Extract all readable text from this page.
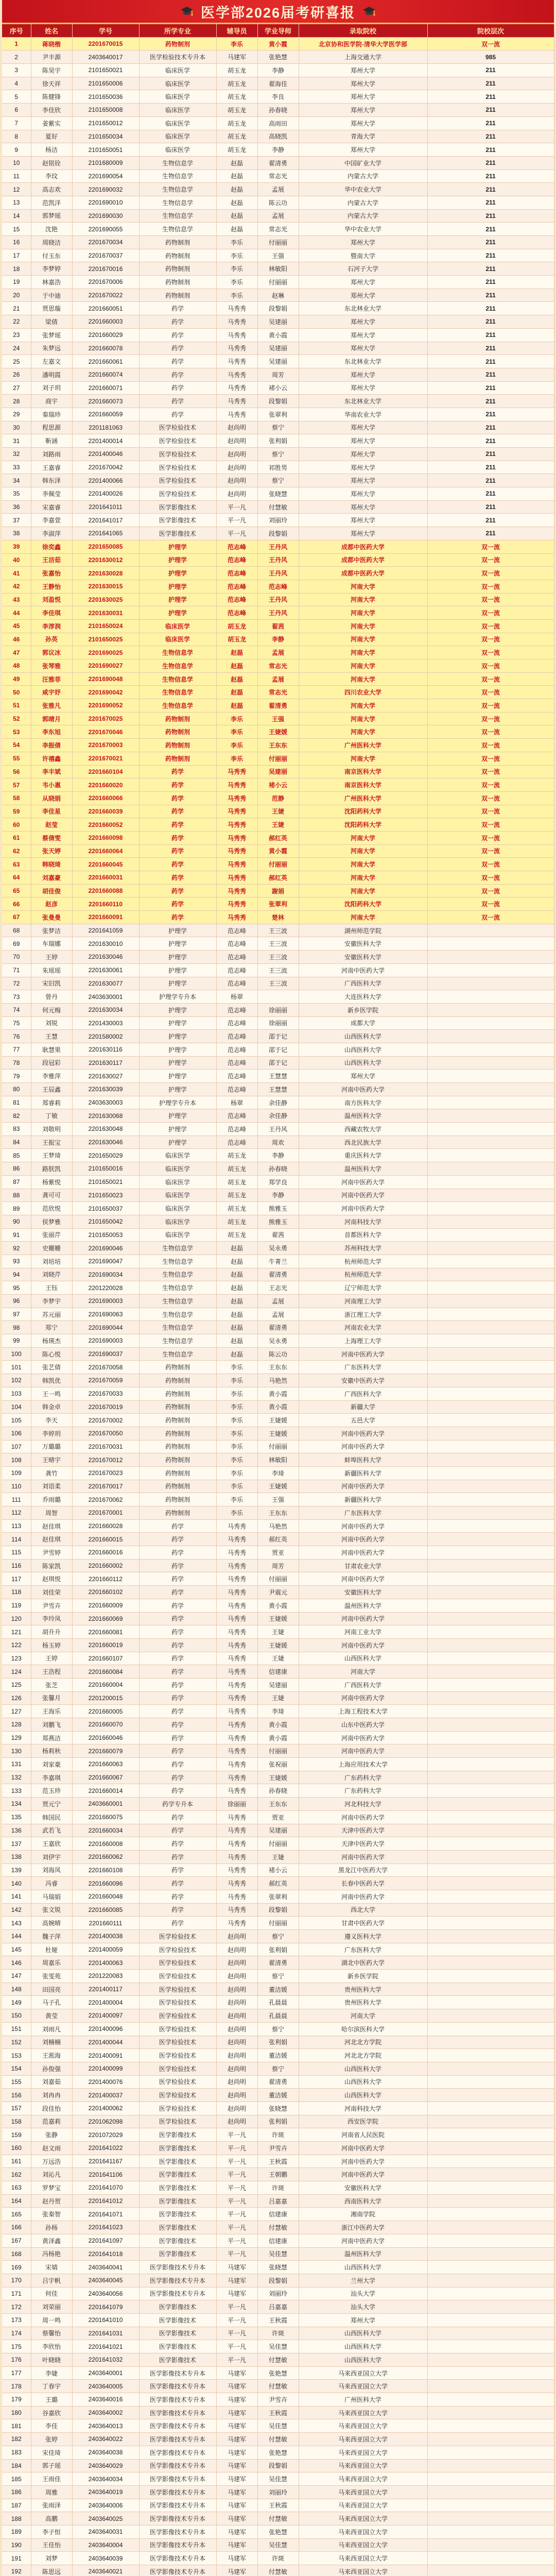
医学部2026届考研喜报
序号	姓名	学号	所学专业	辅导员	学业导师	录取院校	院校层次
1	蒋晓楷	2201670015	药物制剂	李乐	黄小霞	北京协和医学院-清华大学医学部	双一流
2	尹丰源	2403640017	医学检验技术专升本	马建军	张艳慧	上海交通大学	985
3	陈昊宇	2101650021	临床医学	胡玉龙	李静	郑州大学	211
4	徐天祥	2101650006	临床医学	胡玉龙	翟海佳	郑州大学	211
5	陈健锋	2101650036	临床医学	胡玉龙	李良	郑州大学	211
6	李佳欣	2101650008	临床医学	胡玉龙	孙春晓	郑州大学	211
7	姜紫实	2101650012	临床医学	胡玉龙	高雨田	郑州大学	211
8	夏好	2101650034	临床医学	胡玉龙	高晓凯	青海大学	211
9	杨洁	2101650051	临床医学	胡玉龙	李静	郑州大学	211
10	赵铭铨	2101680009	生物信息学	赵磊	翟清勇	中国矿业大学	211
11	李玟	2201690054	生物信息学	赵磊	常志光	内蒙古大学	211
12	高志欢	2201690032	生物信息学	赵磊	孟展	华中农业大学	211
13	范凯洋	2201690010	生物信息学	赵磊	陈云功	内蒙古大学	211
14	郭梦瑶	2201690030	生物信息学	赵磊	孟展	内蒙古大学	211
15	沈艳	2201690055	生物信息学	赵磊	常志光	华中农业大学	211
16	周晓洁	2201670034	药物制剂	李乐	付丽丽	郑州大学	211
17	付玉东	2201670037	药物制剂	李乐	王强	暨南大学	211
18	李梦婷	2201670016	药物制剂	李乐	林敏阳	石河子大学	211
19	林嘉浩	2201670006	药物制剂	李乐	付丽丽	郑州大学	211
20	于中迪	2201670022	药物制剂	李乐	赵琳	郑州大学	211
21	贾思璇	2201660051	药学	马秀秀	段黎娟	东北林业大学	211
22	梁倩	2201660003	药学	马秀秀	吴建丽	郑州大学	211
23	张梦瑶	2201660029	药学	马秀秀	黄小霞	郑州大学	211
24	朱梦远	2201660078	药学	马秀秀	吴建丽	郑州大学	211
25	左嘉文	2201660061	药学	马秀秀	吴建丽	东北林业大学	211
26	潘明霞	2201660074	药学	马秀秀	周芳	郑州大学	211
27	刘子玥	2201660071	药学	马秀秀	褚小云	郑州大学	211
28	商宇	2201660073	药学	马秀秀	段黎娟	东北林业大学	211
29	秦瑞珍	2201660059	药学	马秀秀	张翠利	华南农业大学	211
30	程思源	2201181063	医学检验技术	赵尚明	蔡宁	郑州大学	211
31	靳涵	2201400014	医学检验技术	赵尚明	张利娟	郑州大学	211
32	刘路雨	2201400046	医学检验技术	赵尚明	蔡宁	郑州大学	211
33	王嘉睿	2201670042	医学检验技术	赵尚明	祁胜男	郑州大学	211
34	韩东泽	2201400066	医学检验技术	赵尚明	蔡宁	郑州大学	211
35	李佩莹	2201400026	医学检验技术	赵尚明	张晓慧	郑州大学	211
36	宋嘉睿	2201641011	医学影像技术	平一凡	付慧敏	郑州大学	211
37	李嘉萱	2201641017	医学影像技术	平一凡	刘丽玲	郑州大学	211
38	李淑萍	2201641065	医学影像技术	平一凡	段黎娟	郑州大学	211
39	徐奕鑫	2201650085	护理学	范志峰	王丹风	成都中医药大学	双一流
40	王洁茹	2201630012	护理学	范志峰	王丹风	成都中医药大学	双一流
41	张嘉怡	2201630028	护理学	范志峰	王丹风	成都中医药大学	双一流
42	王静怡	2201630015	护理学	范志峰	范志峰	河南大学	双一流
43	刘盈悦	2201630025	护理学	范志峰	王丹风	河南大学	双一流
44	李佳琪	2201630031	护理学	范志峰	王丹风	河南大学	双一流
45	李淳润	2101650024	临床医学	胡玉龙	翟茜	河南大学	双一流
46	孙英	2101650025	临床医学	胡玉龙	李静	河南大学	双一流
47	郭议冰	2201690025	生物信息学	赵磊	孟展	河南大学	双一流
48	张琴雅	2201690027	生物信息学	赵磊	常志光	河南大学	双一流
49	汪雅菲	2201690048	生物信息学	赵磊	孟展	河南大学	双一流
50	咸宇妤	2201690042	生物信息学	赵磊	常志光	四川农业大学	双一流
51	张雅凡	2201690052	生物信息学	赵磊	翟清勇	河南大学	双一流
52	郭晴月	2201670025	药物制剂	李乐	王强	河南大学	双一流
53	李东旭	2201670046	药物制剂	李乐	王婕媛	河南大学	双一流
54	李振倩	2201670003	药物制剂	李乐	王东东	广州医科大学	双一流
55	许禧鑫	2201670021	药物制剂	李乐	付丽丽	河南大学	双一流
56	李丰斌	2201660104	药学	马秀秀	吴建丽	南京医科大学	双一流
57	韦小惠	2201660020	药学	马秀秀	褚小云	南京医科大学	双一流
58	从晓娟	2201660066	药学	马秀秀	范静	广州医科大学	双一流
59	李佳星	2201660039	药学	马秀秀	王婕	沈阳药科大学	双一流
60	赵莹	2201660052	药学	马秀秀	王婕	沈阳药科大学	双一流
61	蔡倩雯	2201660098	药学	马秀秀	郝红英	河南大学	双一流
62	张天婷	2201660064	药学	马秀秀	黄小霞	河南大学	双一流
63	韩晓琦	2201660045	药学	马秀秀	付丽丽	河南大学	双一流
64	刘嘉豪	2201660031	药学	马秀秀	郝红英	河南大学	双一流
65	胡佳俊	2201660088	药学	马秀秀	謝娟	河南大学	双一流
66	赵彦	2201660110	药学	马秀秀	张翠利	沈阳药科大学	双一流
67	张曼曼	2201660091	药学	马秀秀	楚林	河南大学	双一流
68	张梦洁	2201641059	护理学	范志峰	王三波	湖州师范学院	
69	车瑞娜	2201630010	护理学	范志峰	王三波	安徽医科大学	
70	王婷	2201630046	护理学	范志峰	王三波	安徽医科大学	
71	朱瑶瑶	2201630061	护理学	范志峰	王三波	河南中医药大学	
72	宋旧凯	2201630077	护理学	范志峰	王三波	广西医科大学	
73	曾丹	2403630001	护理学专升本	杨翠		大连医科大学	
74	何元梅	2201630034	护理学	范志峰	徐丽丽	新乡医学院	
75	刘锐	2201430003	护理学	范志峰	徐丽丽	成都大学	
76	王慧	2201580002	护理学	范志峰	邵于记	山西医科大学	
77	耿慧果	2201630116	护理学	范志峰	邵于记	山西医科大学	
78	段冠彩	2201630117	护理学	范志峰	邵于记	山西医科大学	
79	李雅萍	2201630027	护理学	范志峰	王慧慧	郑州大学	
80	王辰鑫	2201630039	护理学	范志峰	王慧慧	河南中医药大学	
81	郑睿莉	2403630003	护理学专升本	杨翠	余佳静	南方医科大学	
82	丁敏	2201630068	护理学	范志峰	余佳静	温州医科大学	
83	刘敬明	2201630048	护理学	范志峰	王丹风	西藏农牧大学	
84	王振宝	2201630046	护理学	范志峰	周欢	西北民族大学	
85	王梦琦	2201650029	临床医学	胡玉龙	李静	重庆医科大学	
86	路朕凯	2101650016	临床医学	胡玉龙	孙春晓	温州医科大学	
87	杨紫悦	2101650021	临床医学	胡玉龙	郑学良	河南中医药大学	
88	龚可可	2101650023	临床医学	胡玉龙	李静	河南中医药大学	
89	范欣悦	2101650037	临床医学	胡玉龙	熊雅玉	河南中医药大学	
90	侯梦雅	2101650042	临床医学	胡玉龙	熊雅玉	河南科技大学	
91	张丽芹	2101650053	临床医学	胡玉龙	翟茜	首都医科大学	
92	史姗姗	2201690046	生物信息学	赵磊	吴永勇	苏州科技大学	
93	刘培培	2201690047	生物信息学	赵磊	牛菁兰	杭州师范大学	
94	刘晓芹	2201690034	生物信息学	赵磊	翟清勇	杭州师范大学	
95	王钰	2201220028	生物信息学	赵磊	王志光	辽宁师范大学	
96	李梦宇	2201690003	生物信息学	赵磊	孟展	河南理工大学	
97	苏元丽	2201690063	生物信息学	赵磊	孟展	浙江理工大学	
98	郑宁	2201690044	生物信息学	赵磊	翟清勇	河南农业大学	
99	杨瑛杰	2201690003	生物信息学	赵磊	吴永勇	上海理工大学	
100	陈心悦	2201690037	生物信息学	赵磊	陈云功	河南中医药大学	
101	张艺倩	2201670058	药物制剂	李乐	王东东	广东医科大学	
102	韩凯优	2201670059	药物制剂	李乐	马艳然	安徽中医药大学	
103	王一鸣	2201670033	药物制剂	李乐	黄小霞	广西医科大学	
104	韩金卓	2201670019	药物制剂	李乐	黄小霞	新疆大学	
105	李天	2201670002	药物制剂	李乐	王婕媛	五邑大学	
106	李婷玥	2201670050	药物制剂	李乐	王婕媛	河南中医药大学	
107	万璐璐	2201670031	药物制剂	李乐	付丽丽	河南中医药大学	
108	王晴宇	2201670012	药物制剂	李乐	林敏阳	蚌埠医科大学	
109	龚竹	2201670023	药物制剂	李乐	李琦	新疆医科大学	
110	刘语柔	2201670017	药物制剂	李乐	王婕媛	河南中医药大学	
111	乔雨璐	2201670062	药物制剂	李乐	王强	新疆医科大学	
112	周智	2201670001	药物制剂	李乐	王东东	广东医科大学	
113	赵佳琪	2201660028	药学	马秀秀	马艳然	河南中医药大学	
114	赵佳琪	2201660015	药学	马秀秀	郝红英	河南中医药大学	
115	尹雪婷	2201660016	药学	马秀秀	贾亚	河南中医药大学	
116	陈家凯	2201660002	药学	马秀秀	周芳	甘肃农业大学	
117	赵琪悦	2201660112	药学	马秀秀	付丽丽	河南中医药大学	
118	刘佳荣	2201660102	药学	马秀秀	尹震元	安徽医科大学	
119	尹雪卉	2201660009	药学	马秀秀	黄小霞	温州医科大学	
120	李玲凤	2201660069	药学	马秀秀	王婕媛	河南中医药大学	
121	胡升升	2201660081	药学	马秀秀	王婕	河南工业大学	
122	杨玉婷	2201660019	药学	马秀秀	王婕媛	河南中医药大学	
123	王婷	2201660107	药学	马秀秀	王婕	山西医科大学	
124	王浩程	2201660084	药学	马秀秀	信建康	河南大学	
125	张芝	2201660004	药学	马秀秀	吴建丽	广西医科大学	
126	张馨月	2201200015	药学	马秀秀	王婕	河南中医药大学	
127	王海乐	2201660005	药学	马秀秀	李琦	上海工程技术大学	
128	刘鹏飞	2201660070	药学	马秀秀	黄小霞	山东中医药大学	
129	郑燕洁	2201660046	药学	马秀秀	黄小霞	河南中医药大学	
130	杨莉秋	2201660079	药学	马秀秀	付丽丽	河南中医药大学	
131	刘家豪	2201660063	药学	马秀秀	张祝丽	上海应用技术大学	
132	李嘉琪	2201660067	药学	马秀秀	王婕媛	广东药科大学	
133	范玉珍	2201660014	药学	马秀秀	孙春晓	广东药科大学	
134	贾元宁	2403660001	药学专升本	徐丽丽	王东东	河北科技大学	
135	韩国民	2201660075	药学	马秀秀	贾亚	河南中医药大学	
136	武若飞	2201660034	药学	马秀秀	吴建丽	天津中医药大学	
137	王嘉欣	2201660008	药学	马秀秀	付丽丽	天津中医药大学	
138	刘伊宇	2201660062	药学	马秀秀	王婕	河南中医药大学	
139	刘海凤	2201660108	药学	马秀秀	褚小云	黑龙江中医药大学	
140	冯睿	2201660096	药学	马秀秀	郝红英	长春中医药大学	
141	马瑞娟	2201660048	药学	马秀秀	张翠利	河南中医药大学	
142	张文锐	2201660085	药学	马秀秀	段黎娟	西北大学	
143	高婉晴	2201660111	药学	马秀秀	付丽丽	甘肃中医药大学	
144	魏子萍	2201400038	医学检验技术	赵尚明	蔡宁	遵义医科大学	
145	杜娅	2201400059	医学检验技术	赵尚明	张利娟	广东医科大学	
146	周嘉乐	2201400063	医学检验技术	赵尚明	翟清勇	湖北中医药大学	
147	张雯苑	2201220083	医学检验技术	赵尚明	蔡宁	新乡医学院	
148	田国亮	2201400117	医学检验技术	赵尚明	董洁媛	贵州医科大学	
149	马子孔	2201400004	医学检验技术	赵尚明	孔晨晨	贵州医科大学	
150	黄莹	2201400097	医学检验技术	赵尚明	孔晨晨	河南大学	
151	刘雨凡	2201400096	医学检验技术	赵尚明	蔡宁	哈尔滨医科大学	
152	刘楠楠	2201400044	医学检验技术	赵尚明	张利娟	河北北方学院	
153	王淞海	2201400091	医学检验技术	赵尚明	董洁媛	河北北方学院	
154	孙俊强	2201400099	医学检验技术	赵尚明	蔡宁	山西医科大学	
155	刘嘉茹	2201400076	医学检验技术	赵尚明	翟清勇	山西医科大学	
156	刘冉冉	2201400037	医学检验技术	赵尚明	董洁媛	山西医科大学	
157	段佳怡	2201400062	医学检验技术	赵尚明	张晓慧	河南科技大学	
158	范嘉莉	2201062098	医学检验技术	赵尚明	张利娟	西安医学院	
159	张静	2201072029	医学影像技术	平一凡	许斑	河南省人民医院	
160	赵文雨	2201641022	医学影像技术	平一凡	尹雪卉	河南中医药大学	
161	万远浩	2201641167	医学影像技术	平一凡	王秋霞	河南中医药大学	
162	刘沁凡	2201641106	医学影像技术	平一凡	王朝鹏	河南中医药大学	
163	罗梦宝	2201641070	医学影像技术	平一凡	许斑	安徽医科大学	
164	赵丹贺	2201641012	医学影像技术	平一凡	吕嘉嘉	西南医科大学	
165	张秦智	2201641071	医学影像技术	平一凡	信建康	湘南学院	
166	孙杨	2201641023	医学影像技术	平一凡	付慧敏	浙江中医药大学	
167	黄泽鑫	2201641097	医学影像技术	平一凡	信建康	河南中医药大学	
168	冯杨艳	2201641018	医学影像技术	平一凡	吴佳慧	温州医科大学	
169	宋婧	2403640041	医学影像技术专升本	马建军	张晓慧	山西医科大学	
170	吕宇帆	2403640045	医学影像技术专升本	马建军	段黎娟	兰州大学	
171	何佳	2403640056	医学影像技术专升本	马建军	刘丽玲	汕头大学	
172	刘荣丽	2201641079	医学影像技术	平一凡	吕嘉嘉	汕头大学	
173	周一鸣	2201641010	医学影像技术	平一凡	王秋霞	郑州大学	
174	蔡馨怡	2201641031	医学影像技术	平一凡	许斑	山西医科大学	
175	李欣怡	2201641021	医学影像技术	平一凡	吴佳慧	山西医科大学	
176	叶晓晓	2201641032	医学影像技术	平一凡	付慧敏	山西医科大学	
177	李婕	2403640001	医学影像技术专升本	马建军	张艳慧	马来西亚国立大学	
178	丁春宇	2403640005	医学影像技术专升本	马建军	付慧敏	马来西亚国立大学	
179	王璐	2403640016	医学影像技术专升本	马建军	尹雪卉	广州医科大学	
180	谷嘉欣	2403640002	医学影像技术专升本	马建军	王秋霞	马来西亚国立大学	
181	李佳	2403640013	医学影像技术专升本	马建军	吴佳慧	马来西亚国立大学	
182	张婷	2403640022	医学影像技术专升本	马建军	付慧敏	马来西亚国立大学	
183	宋佳琦	2403640038	医学影像技术专升本	马建军	张艳慧	马来西亚国立大学	
184	郭子瑶	2403640029	医学影像技术专升本	马建军	段黎娟	马来西亚国立大学	
185	王雨佳	2403640034	医学影像技术专升本	马建军	吴佳慧	马来西亚国立大学	
186	周雅	2403640019	医学影像技术专升本	马建军	刘丽玲	马来西亚国立大学	
187	张雨泽	2403640006	医学影像技术专升本	马建军	王秋霞	马来西亚国立大学	
188	高鹏	2403640025	医学影像技术专升本	马建军	付慧敏	马来西亚国立大学	
189	李子恒	2403640031	医学影像技术专升本	马建军	张艳慧	马来西亚国立大学	
190	王佳怡	2403640004	医学影像技术专升本	马建军	吴佳慧	马来西亚国立大学	
191	刘梦	2403640039	医学影像技术专升本	马建军	许斑	马来西亚国立大学	
192	陈思远	2403640021	医学影像技术专升本	马建军	付慧敏	马来西亚国立大学	
